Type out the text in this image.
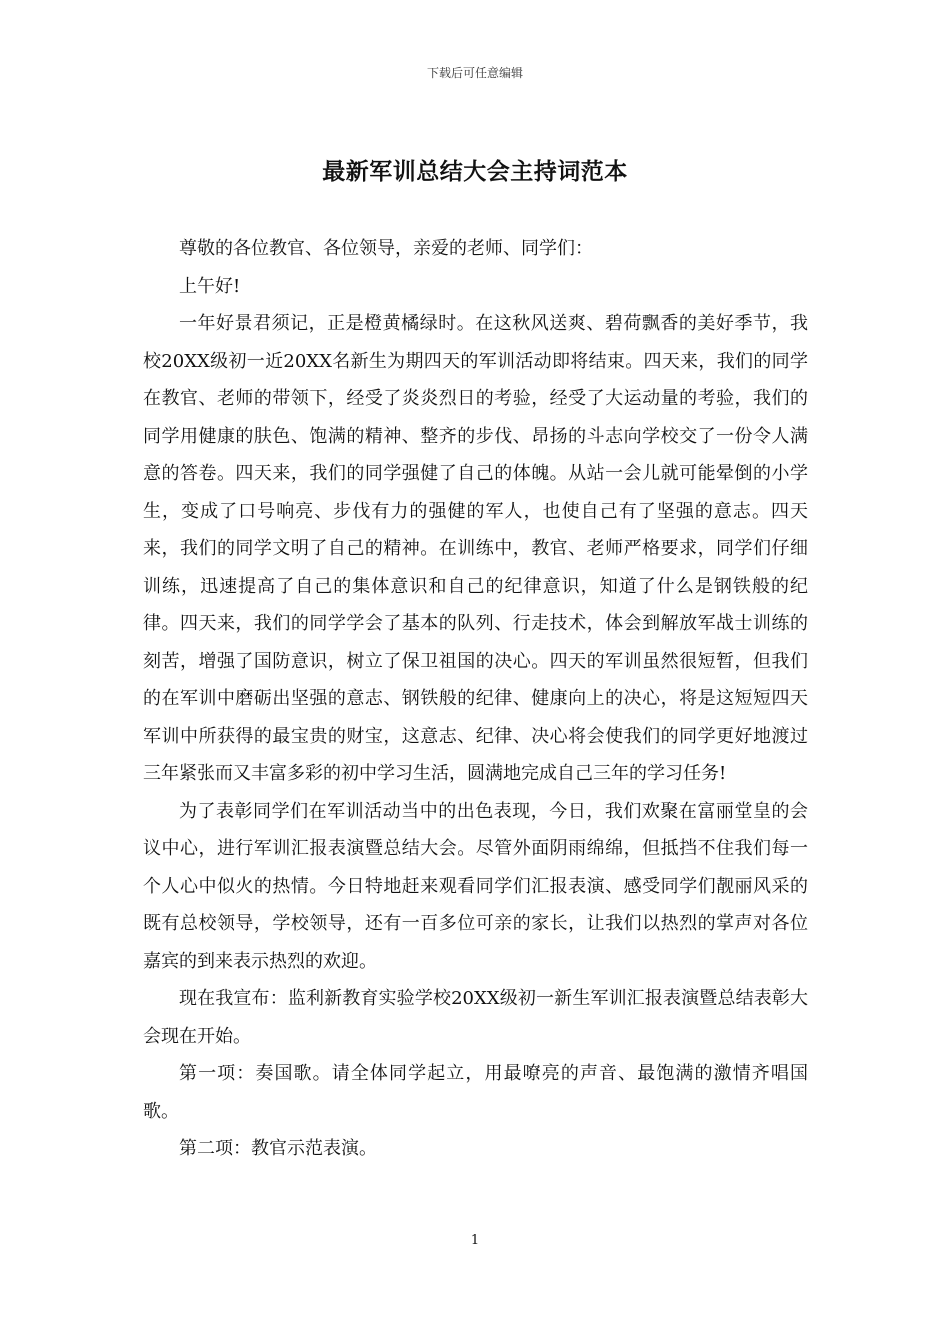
下载后可任意编辑
最新军训总结大会主持词范本

尊敬的各位教官、各位领导，亲爱的老师、同学们：

上午好!

一年好景君须记，正是橙黄橘绿时。在这秋风送爽、碧荷飘香的美好季节，我校20XX级初一近20XX名新生为期四天的军训活动即将结束。四天来，我们的同学在教官、老师的带领下，经受了炎炎烈日的考验，经受了大运动量的考验，我们的同学用健康的肤色、饱满的精神、整齐的步伐、昂扬的斗志向学校交了一份令人满意的答卷。四天来，我们的同学强健了自己的体魄。从站一会儿就可能晕倒的小学生，变成了口号响亮、步伐有力的强健的军人，也使自己有了坚强的意志。四天来，我们的同学文明了自己的精神。在训练中，教官、老师严格要求，同学们仔细训练，迅速提高了自己的集体意识和自己的纪律意识，知道了什么是钢铁般的纪律。四天来，我们的同学学会了基本的队列、行走技术，体会到解放军战士训练的刻苦，增强了国防意识，树立了保卫祖国的决心。四天的军训虽然很短暂，但我们的在军训中磨砺出坚强的意志、钢铁般的纪律、健康向上的决心，将是这短短四天军训中所获得的最宝贵的财宝，这意志、纪律、决心将会使我们的同学更好地渡过三年紧张而又丰富多彩的初中学习生活，圆满地完成自己三年的学习任务!

为了表彰同学们在军训活动当中的出色表现，今日，我们欢聚在富丽堂皇的会议中心，进行军训汇报表演暨总结大会。尽管外面阴雨绵绵，但抵挡不住我们每一个人心中似火的热情。今日特地赶来观看同学们汇报表演、感受同学们靓丽风采的既有总校领导，学校领导，还有一百多位可亲的家长，让我们以热烈的掌声对各位嘉宾的到来表示热烈的欢迎。

现在我宣布：监利新教育实验学校20XX级初一新生军训汇报表演暨总结表彰大会现在开始。

第一项：奏国歌。请全体同学起立，用最嘹亮的声音、最饱满的激情齐唱国歌。

第二项：教官示范表演。

1
